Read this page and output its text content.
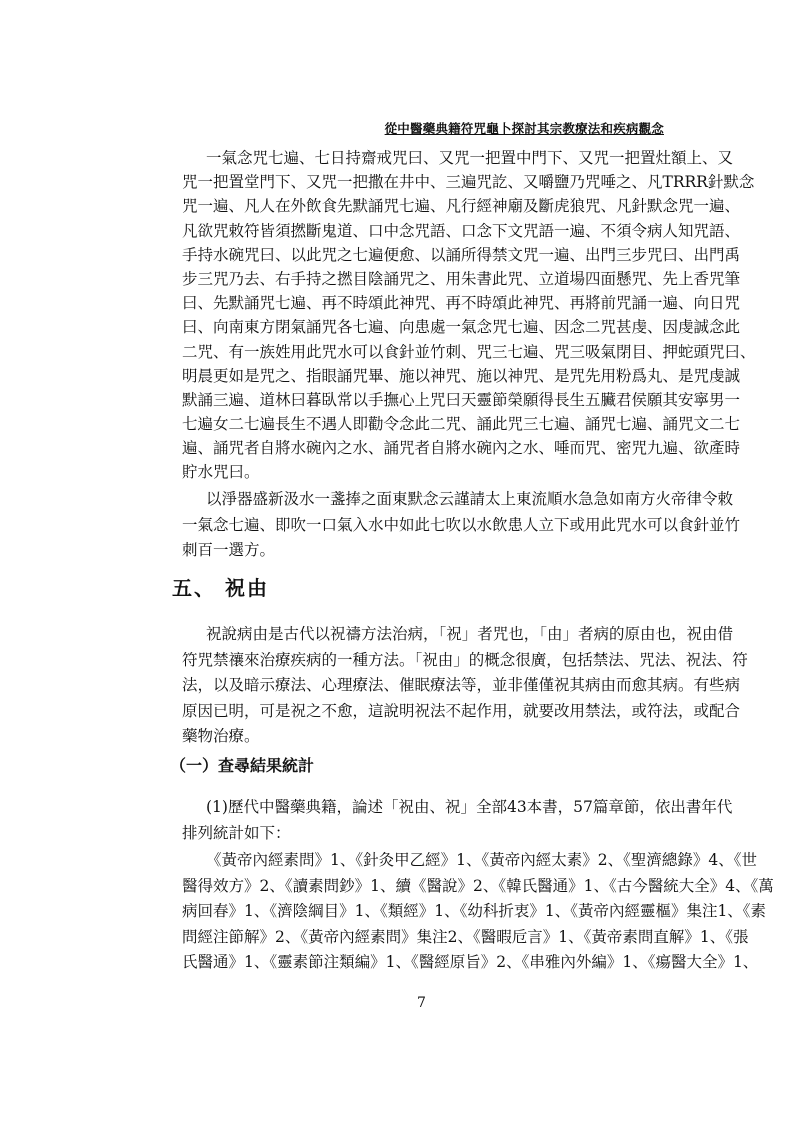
從中醫藥典籍符咒龜卜探討其宗教療法和疾病觀念
一氣念咒七遍、七日持齋戒咒曰、又咒一把置中門下、又咒一把置灶額上、又
咒一把置堂門下、又咒一把撒在井中、三遍咒訖、又嚼鹽乃咒唾之、凡TRRR針默念
咒一遍、凡人在外飲食先默誦咒七遍、凡行經神廟及斷虎狼咒、凡針默念咒一遍、
凡欲咒敕符皆須撚斷鬼道、口中念咒語、口念下文咒語一遍、不須令病人知咒語、
手持水碗咒曰、以此咒之七遍便愈、以誦所得禁文咒一遍、出門三步咒曰、出門禹
步三咒乃去、右手持之撚目陰誦咒之、用朱書此咒、立道場四面懸咒、先上香咒筆
曰、先默誦咒七遍、再不時頌此神咒、再不時頌此神咒、再將前咒誦一遍、向日咒
曰、向南東方閉氣誦咒各七遍、向患處一氣念咒七遍、因念二咒甚虔、因虔誠念此
二咒、有一族姓用此咒水可以食針並竹刺、咒三七遍、咒三吸氣閉目、押蛇頭咒曰、
明晨更如是咒之、指眼誦咒畢、施以神咒、施以神咒、是咒先用粉爲丸、是咒虔誠
默誦三遍、道林曰暮臥常以手撫心上咒曰天靈節榮願得長生五臟君侯願其安寧男一
七遍女二七遍長生不遇人即勸令念此二咒、誦此咒三七遍、誦咒七遍、誦咒文二七
遍、誦咒者自將水碗內之水、誦咒者自將水碗內之水、唾而咒、密咒九遍、欲產時
貯水咒曰。
以淨器盛新汲水一盞捧之面東默念云謹請太上東流順水急急如南方火帝律令敕
一氣念七遍、即吹一口氣入水中如此七吹以水飲患人立下或用此咒水可以食針並竹
刺百一選方。
五、 祝由
祝說病由是古代以祝禱方法治病，「祝」者咒也，「由」者病的原由也，祝由借
符咒禁禳來治療疾病的一種方法。「祝由」的概念很廣，包括禁法、咒法、祝法、符
法，以及暗示療法、心理療法、催眠療法等，並非僅僅祝其病由而愈其病。有些病
原因已明，可是祝之不愈，這說明祝法不起作用，就要改用禁法，或符法，或配合
藥物治療。
（一）查尋結果統計
(1)歷代中醫藥典籍，論述「祝由、祝」全部43本書，57篇章節，依出書年代
排列統計如下：
《黃帝內經素問》1、《針灸甲乙經》1、《黃帝內經太素》2、《聖濟總錄》4、《世
醫得效方》2、《讀素問鈔》1、續《醫說》2、《韓氏醫通》1、《古今醫統大全》4、《萬
病回春》1、《濟陰綱目》1、《類經》1、《幼科折衷》1、《黃帝內經靈樞》集注1、《素
問經注節解》2、《黃帝內經素問》集注2、《醫暇卮言》1、《黃帝素問直解》1、《張
氏醫通》1、《靈素節注類編》1、《醫經原旨》2、《串雅內外編》1、《瘍醫大全》1、
7
